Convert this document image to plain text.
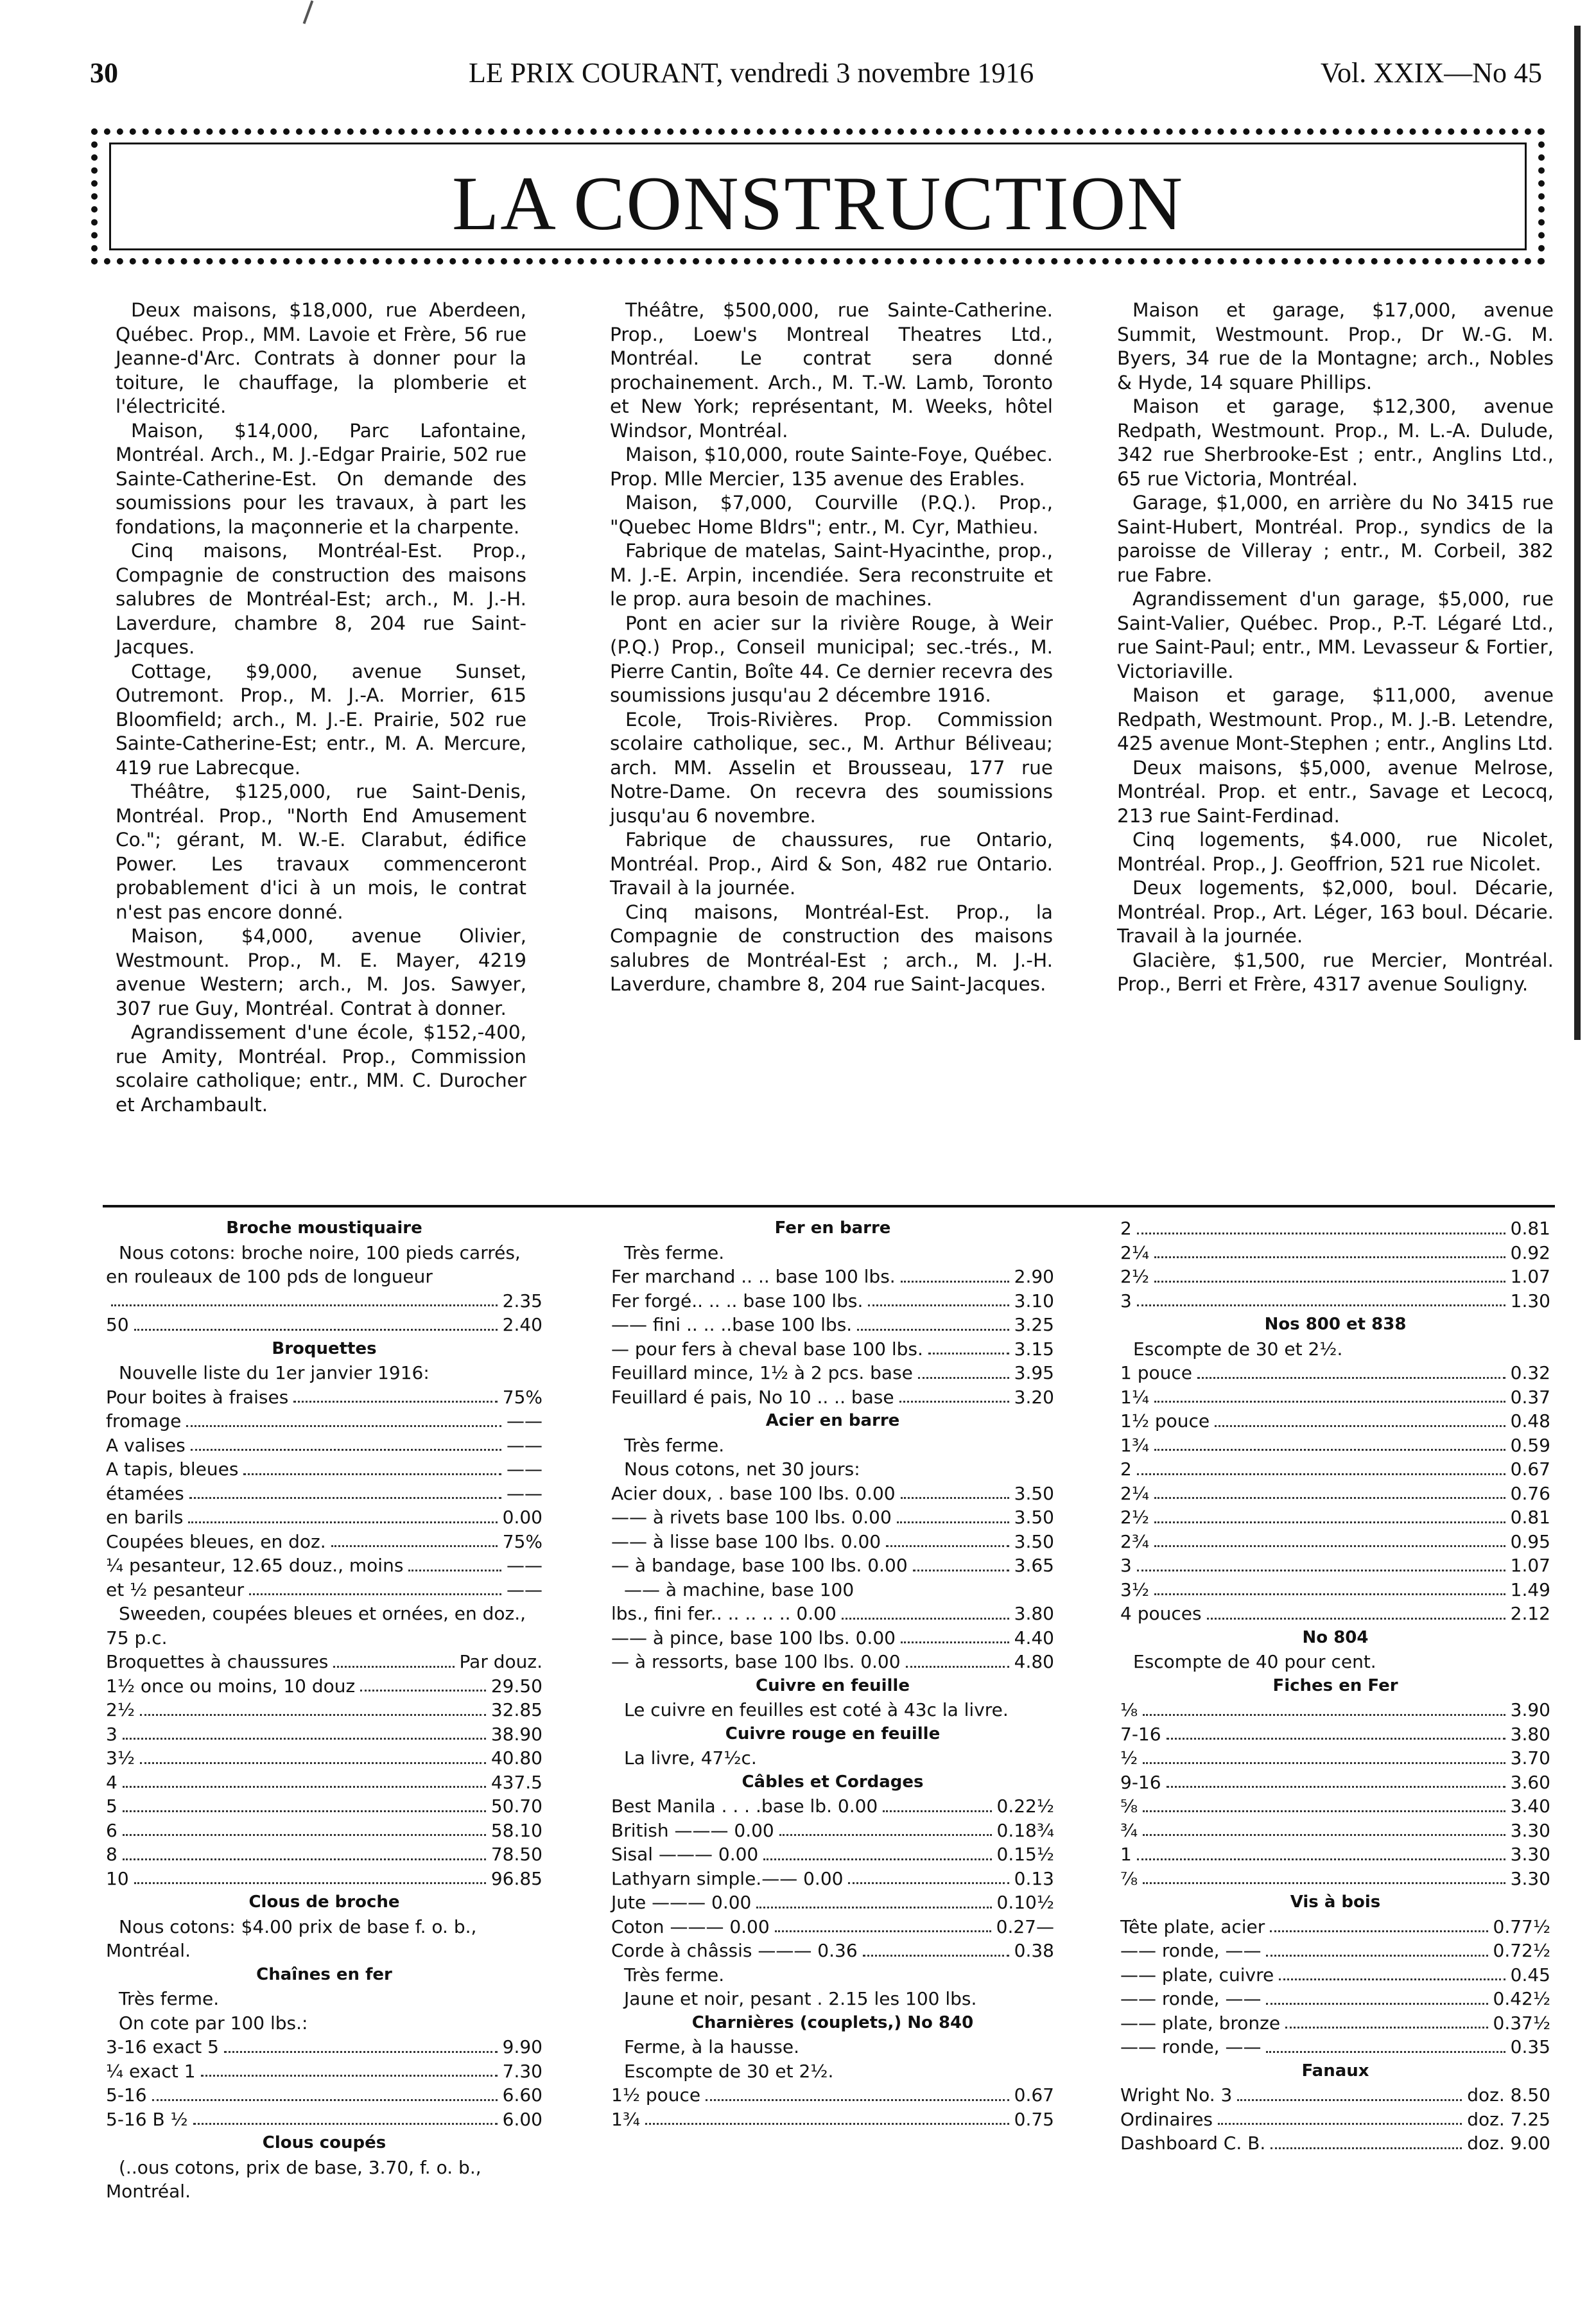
30	LE PRIX COURANT, vendredi 3 novembre 1916	Vol. XXIX—No 45
LA CONSTRUCTION

Deux maisons, $18,000, rue Aberdeen, Québec. Prop., MM. Lavoie et Frère, 56 rue Jeanne-d'Arc. Contrats à donner pour la toiture, le chauffage, la plomberie et l'électricité.

Maison, $14,000, Parc Lafontaine, Montréal. Arch., M. J.-Edgar Prairie, 502 rue Sainte-Catherine-Est. On demande des soumissions pour les travaux, à part les fondations, la maçonnerie et la charpente.

Cinq maisons, Montréal-Est. Prop., Compagnie de construction des maisons salubres de Montréal-Est; arch., M. J.-H. Laverdure, chambre 8, 204 rue Saint-Jacques.

Cottage, $9,000, avenue Sunset, Outremont. Prop., M. J.-A. Morrier, 615 Bloomfield; arch., M. J.-E. Prairie, 502 rue Sainte-Catherine-Est; entr., M. A. Mercure, 419 rue Labrecque.

Théâtre, $125,000, rue Saint-Denis, Montréal. Prop., "North End Amusement Co."; gérant, M. W.-E. Clarabut, édifice Power. Les travaux commenceront probablement d'ici à un mois, le contrat n'est pas encore donné.

Maison, $4,000, avenue Olivier, Westmount. Prop., M. E. Mayer, 4219 avenue Western; arch., M. Jos. Sawyer, 307 rue Guy, Montréal. Contrat à donner.

Agrandissement d'une école, $152,-400, rue Amity, Montréal. Prop., Commission scolaire catholique; entr., MM. C. Durocher et Archambault.

Théâtre, $500,000, rue Sainte-Catherine. Prop., Loew's Montreal Theatres Ltd., Montréal. Le contrat sera donné prochainement. Arch., M. T.-W. Lamb, Toronto et New York; représentant, M. Weeks, hôtel Windsor, Montréal.

Maison, $10,000, route Sainte-Foye, Québec. Prop. Mlle Mercier, 135 avenue des Erables.

Maison, $7,000, Courville (P.Q.). Prop., "Quebec Home Bldrs"; entr., M. Cyr, Mathieu.

Fabrique de matelas, Saint-Hyacinthe, prop., M. J.-E. Arpin, incendiée. Sera reconstruite et le prop. aura besoin de machines.

Pont en acier sur la rivière Rouge, à Weir (P.Q.) Prop., Conseil municipal; sec.-trés., M. Pierre Cantin, Boîte 44. Ce dernier recevra des soumissions jusqu'au 2 décembre 1916.

Ecole, Trois-Rivières. Prop. Commission scolaire catholique, sec., M. Arthur Béliveau; arch. MM. Asselin et Brousseau, 177 rue Notre-Dame. On recevra des soumissions jusqu'au 6 novembre.

Fabrique de chaussures, rue Ontario, Montréal. Prop., Aird & Son, 482 rue Ontario. Travail à la journée.

Cinq maisons, Montréal-Est. Prop., la Compagnie de construction des maisons salubres de Montréal-Est ; arch., M. J.-H. Laverdure, chambre 8, 204 rue Saint-Jacques.

Maison et garage, $17,000, avenue Summit, Westmount. Prop., Dr W.-G. M. Byers, 34 rue de la Montagne; arch., Nobles & Hyde, 14 square Phillips.

Maison et garage, $12,300, avenue Redpath, Westmount. Prop., M. L.-A. Dulude, 342 rue Sherbrooke-Est ; entr., Anglins Ltd., 65 rue Victoria, Montréal.

Garage, $1,000, en arrière du No 3415 rue Saint-Hubert, Montréal. Prop., syndics de la paroisse de Villeray ; entr., M. Corbeil, 382 rue Fabre.

Agrandissement d'un garage, $5,000, rue Saint-Valier, Québec. Prop., P.-T. Légaré Ltd., rue Saint-Paul; entr., MM. Levasseur & Fortier, Victoriaville.

Maison et garage, $11,000, avenue Redpath, Westmount. Prop., M. J.-B. Letendre, 425 avenue Mont-Stephen ; entr., Anglins Ltd.

Deux maisons, $5,000, avenue Melrose, Montréal. Prop. et entr., Savage et Lecocq, 213 rue Saint-Ferdinad.

Cinq logements, $4.000, rue Nicolet, Montréal. Prop., J. Geoffrion, 521 rue Nicolet.

Deux logements, $2,000, boul. Décarie, Montréal. Prop., Art. Léger, 163 boul. Décarie. Travail à la journée.

Glacière, $1,500, rue Mercier, Montréal. Prop., Berri et Frère, 4317 avenue Souligny.

Broche moustiquaire
Nous cotons: broche noire, 100 pieds carrés, en rouleaux de 100 pds de longueur
2.35
50	2.40
Broquettes
Nouvelle liste du 1er janvier 1916:
Pour boites à fraises	75%
fromage	——
A valises	——
A tapis, bleues	——
étamées	——
en barils	0.00
Coupées bleues, en doz.	75%
¼ pesanteur, 12.65 douz., moins	——
et ½ pesanteur	——
Sweeden, coupées bleues et ornées, en doz., 75 p.c.
Broquettes à chaussures	Par douz.
1½ once ou moins, 10 douz	29.50
2½	32.85
3	38.90
3½	40.80
4	437.5
5	50.70
6	58.10
8	78.50
10	96.85
Clous de broche
Nous cotons: $4.00 prix de base f. o. b., Montréal.
Chaînes en fer
Très ferme.
On cote par 100 lbs.:
3-16 exact 5	9.90
¼ exact 1	7.30
5-16	6.60
5-16 B ½	6.00
Clous coupés
(..ous cotons, prix de base, 3.70, f. o. b., Montréal.
Fer en barre
Très ferme.
Fer marchand .. .. base 100 lbs.	2.90
Fer forgé.. .. .. base 100 lbs.	3.10
—— fini .. .. ..base 100 lbs.	3.25
— pour fers à cheval base 100 lbs.	3.15
Feuillard mince, 1½ à 2 pcs. base	3.95
Feuillard é pais, No 10 .. .. base	3.20
Acier en barre
Très ferme.
Nous cotons, net 30 jours:
Acier doux, . base 100 lbs. 0.00	3.50
—— à rivets base 100 lbs. 0.00	3.50
—— à lisse base 100 lbs. 0.00	3.50
— à bandage, base 100 lbs. 0.00	3.65
—— à machine, base 100
lbs., fini fer.. .. .. .. .. 0.00	3.80
—— à pince, base 100 lbs. 0.00	4.40
— à ressorts, base 100 lbs. 0.00	4.80
Cuivre en feuille
Le cuivre en feuilles est coté à 43c la livre.
Cuivre rouge en feuille
La livre, 47½c.
Câbles et Cordages
Best Manila . . . .base lb. 0.00	0.22½
British ——— 0.00	0.18¾
Sisal ——— 0.00	0.15½
Lathyarn simple.—— 0.00	0.13
Jute ——— 0.00	0.10½
Coton ——— 0.00	0.27—
Corde à châssis ——— 0.36	0.38
Très ferme.
Jaune et noir, pesant . 2.15 les 100 lbs.
Charnières (couplets,) No 840
Ferme, à la hausse.
Escompte de 30 et 2½.
1½ pouce	0.67
1¾	0.75
2	0.81
2¼	0.92
2½	1.07
3	1.30
Nos 800 et 838
Escompte de 30 et 2½.
1 pouce	0.32
1¼	0.37
1½ pouce	0.48
1¾	0.59
2	0.67
2¼	0.76
2½	0.81
2¾	0.95
3	1.07
3½	1.49
4 pouces	2.12
No 804
Escompte de 40 pour cent.
Fiches en Fer
⅛	3.90
7-16	3.80
½	3.70
9-16	3.60
⅝	3.40
¾	3.30
1	3.30
⅞	3.30
Vis à bois
Tête plate, acier	0.77½
—— ronde, ——	0.72½
—— plate, cuivre	0.45
—— ronde, ——	0.42½
—— plate, bronze	0.37½
—— ronde, ——	0.35
Fanaux
Wright No. 3	doz. 8.50
Ordinaires	doz. 7.25
Dashboard C. B.	doz. 9.00
